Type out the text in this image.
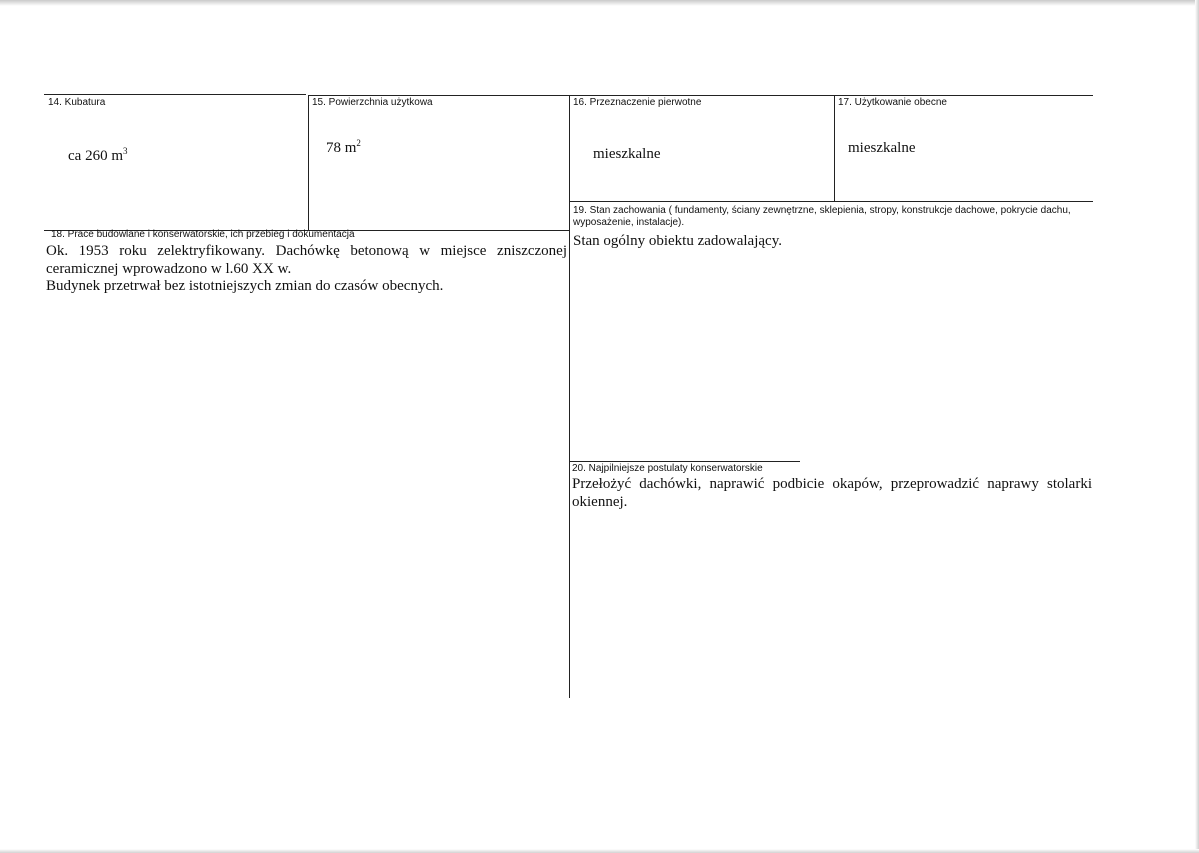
14. Kubatura
ca 260 $m^3$
15. Powierzchnia użytkowa
78 $m^2$
16. Przeznaczenie pierwotne
mieszkalne
17. Użytkowanie obecne
mieszkalne
19. Stan zachowania ( fundamenty, ściany zewnętrzne, sklepienia, stropy, konstrukcje dachowe, pokrycie dachu, wyposażenie, instalacje).
Stan ogólny obiektu zadowalający.
18. Prace budowlane i konserwatorskie, ich przebieg i dokumentacja
Ok. 1953 roku zelektryfikowany. Dachówkę betonową w miejsce zniszczonej ceramicznej wprowadzono w l.60 XX w.
Budynek przetrwał bez istotniejszych zmian do czasów obecnych.
20. Najpilniejsze postulaty konserwatorskie
Przełożyć dachówki, naprawić podbicie okapów, przeprowadzić naprawy stolarki okiennej.
